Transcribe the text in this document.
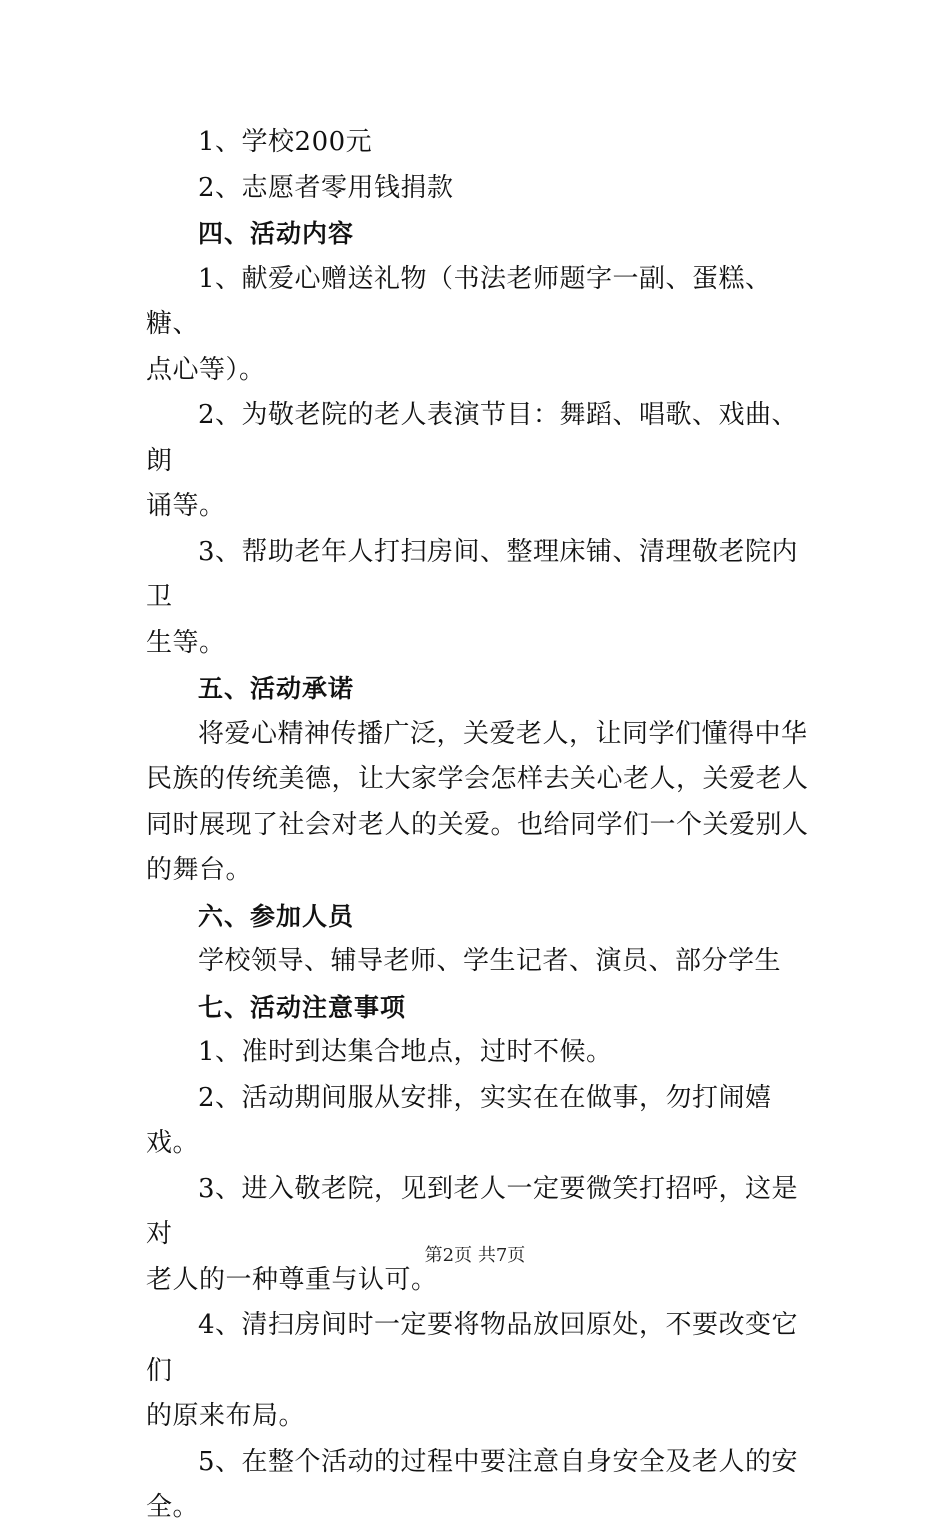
1、学校200元

2、志愿者零用钱捐款

四、活动内容

1、献爱心赠送礼物（书法老师题字一副、蛋糕、糖、
点心等）。

2、为敬老院的老人表演节目：舞蹈、唱歌、戏曲、朗
诵等。

3、帮助老年人打扫房间、整理床铺、清理敬老院内卫
生等。

五、活动承诺

将爱心精神传播广泛，关爱老人，让同学们懂得中华
民族的传统美德，让大家学会怎样去关心老人，关爱老人同时展现了社会对老人的关爱。也给同学们一个关爱别人的舞台。

六、参加人员

学校领导、辅导老师、学生记者、演员、部分学生

七、活动注意事项

1、准时到达集合地点，过时不候。

2、活动期间服从安排，实实在在做事，勿打闹嬉戏。

3、进入敬老院，见到老人一定要微笑打招呼，这是对
老人的一种尊重与认可。

4、清扫房间时一定要将物品放回原处，不要改变它们
的原来布局。

5、在整个活动的过程中要注意自身安全及老人的安全。

第2页 共7页
